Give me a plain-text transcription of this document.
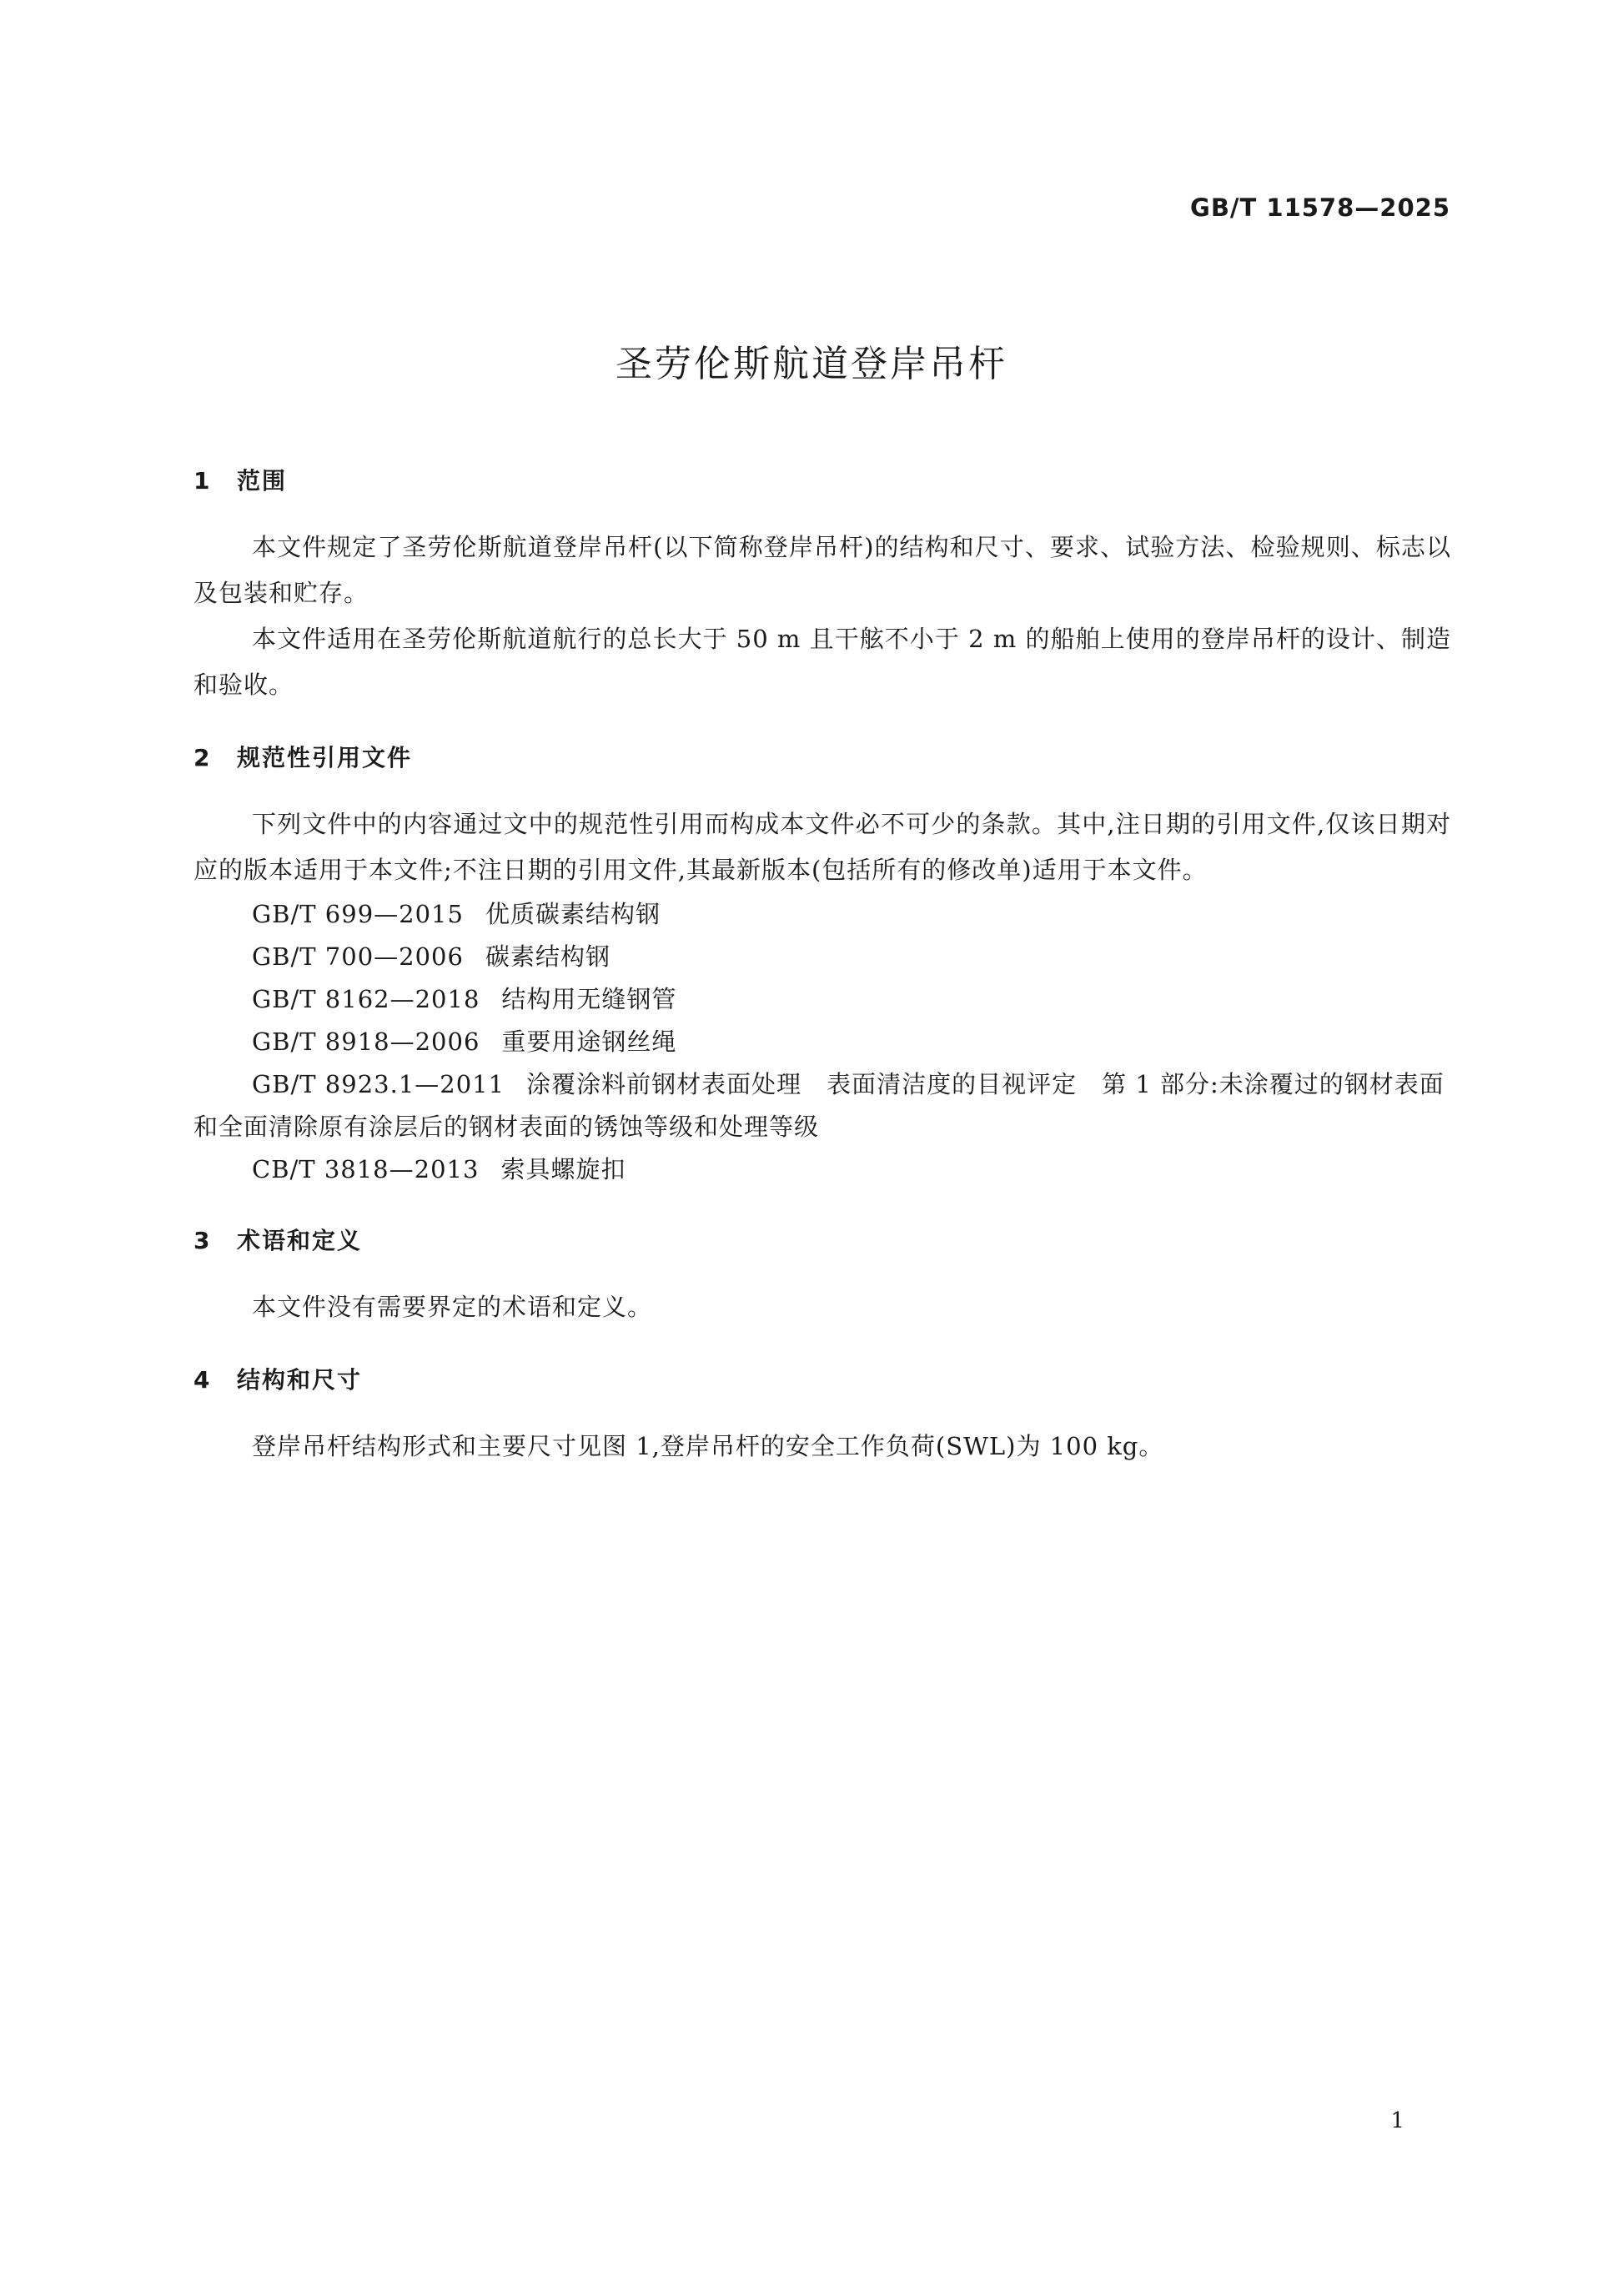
GB/T 11578—2025
圣劳伦斯航道登岸吊杆
1 范围

本文件规定了圣劳伦斯航道登岸吊杆(以下简称登岸吊杆)的结构和尺寸、要求、试验方法、检验规则、标志以及包装和贮存。

本文件适用在圣劳伦斯航道航行的总长大于 50 m 且干舷不小于 2 m 的船舶上使用的登岸吊杆的设计、制造和验收。

2 规范性引用文件

下列文件中的内容通过文中的规范性引用而构成本文件必不可少的条款。其中,注日期的引用文件,仅该日期对应的版本适用于本文件;不注日期的引用文件,其最新版本(包括所有的修改单)适用于本文件。

GB/T 699—2015 优质碳素结构钢

GB/T 700—2006 碳素结构钢

GB/T 8162—2018 结构用无缝钢管

GB/T 8918—2006 重要用途钢丝绳

GB/T 8923.1—2011 涂覆涂料前钢材表面处理　表面清洁度的目视评定　第 1 部分:未涂覆过的钢材表面和全面清除原有涂层后的钢材表面的锈蚀等级和处理等级

CB/T 3818—2013 索具螺旋扣

3 术语和定义

本文件没有需要界定的术语和定义。

4 结构和尺寸

登岸吊杆结构形式和主要尺寸见图 1,登岸吊杆的安全工作负荷(SWL)为 100 kg。

1
